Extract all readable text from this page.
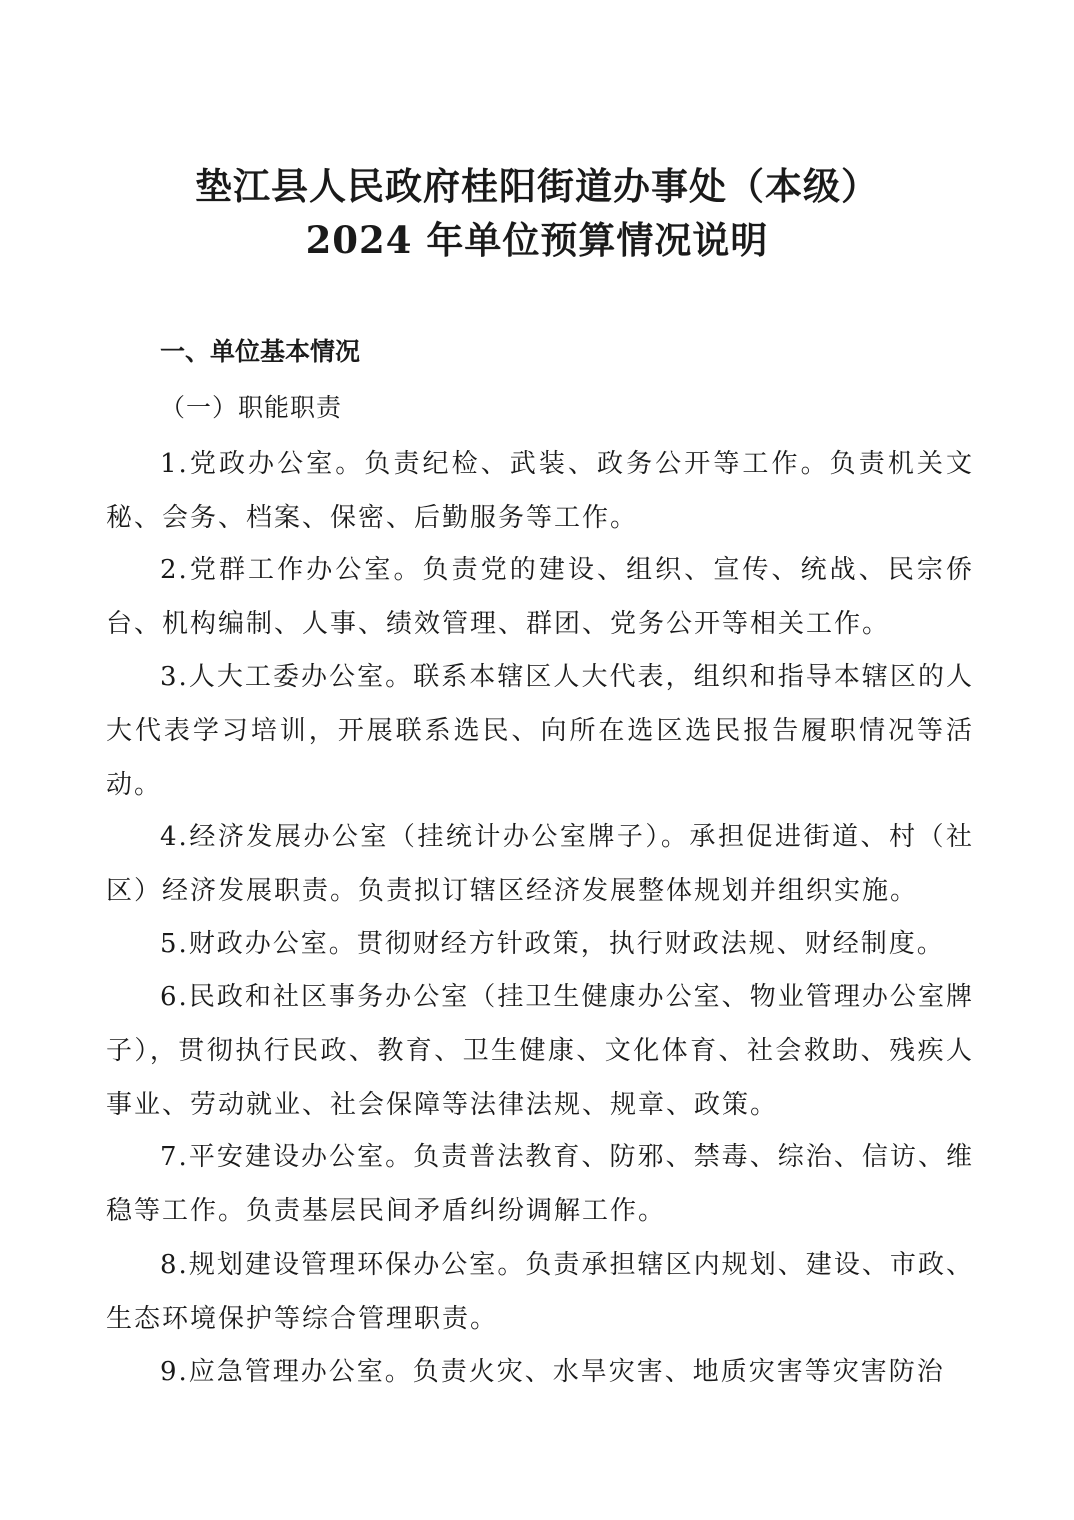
垫江县人民政府桂阳街道办事处（本级）
2024 年单位预算情况说明
一、单位基本情况
（一）职能职责

1.党政办公室。负责纪检、武装、政务公开等工作。负责机关文秘、会务、档案、保密、后勤服务等工作。

2.党群工作办公室。负责党的建设、组织、宣传、统战、民宗侨台、机构编制、人事、绩效管理、群团、党务公开等相关工作。

3.人大工委办公室。联系本辖区人大代表，组织和指导本辖区的人大代表学习培训，开展联系选民、向所在选区选民报告履职情况等活动。

4.经济发展办公室（挂统计办公室牌子）。承担促进街道、村（社区）经济发展职责。负责拟订辖区经济发展整体规划并组织实施。

5.财政办公室。贯彻财经方针政策，执行财政法规、财经制度。

6.民政和社区事务办公室（挂卫生健康办公室、物业管理办公室牌子），贯彻执行民政、教育、卫生健康、文化体育、社会救助、残疾人事业、劳动就业、社会保障等法律法规、规章、政策。

7.平安建设办公室。负责普法教育、防邪、禁毒、综治、信访、维稳等工作。负责基层民间矛盾纠纷调解工作。

8.规划建设管理环保办公室。负责承担辖区内规划、建设、市政、生态环境保护等综合管理职责。

9.应急管理办公室。负责火灾、水旱灾害、地质灾害等灾害防治
